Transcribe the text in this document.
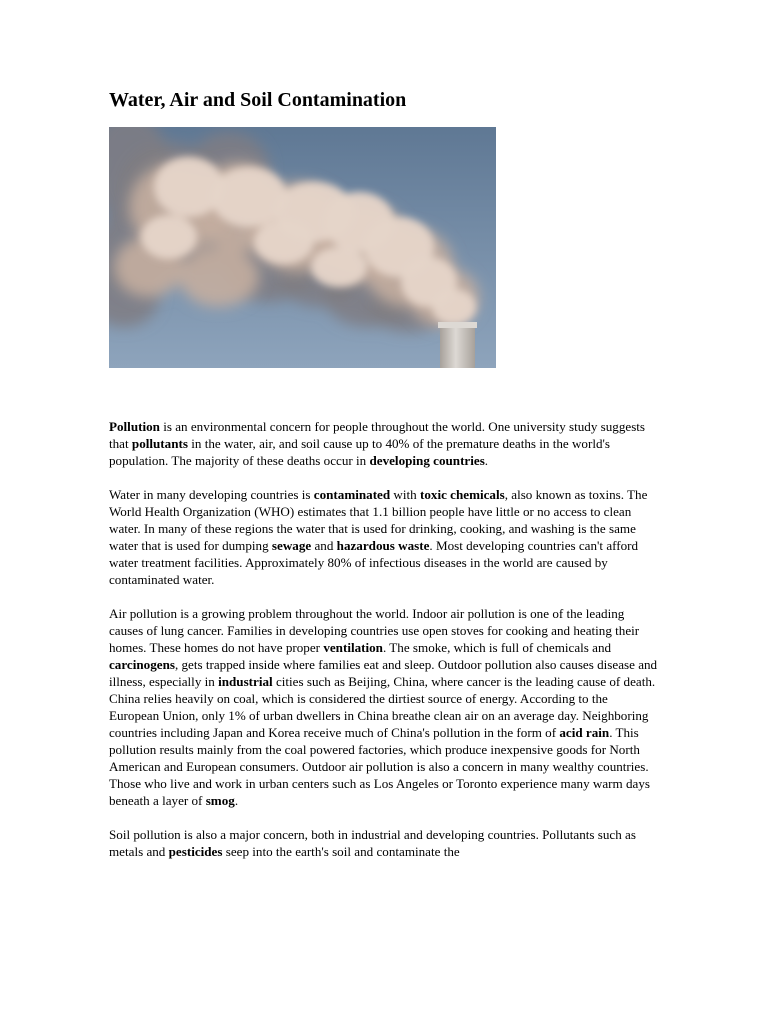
Water, Air and Soil Contamination

Pollution is an environmental concern for people throughout the world. One university study suggests that pollutants in the water, air, and soil cause up to 40% of the premature deaths in the world's population. The majority of these deaths occur in developing countries.

Water in many developing countries is contaminated with toxic chemicals, also known as toxins. The World Health Organization (WHO) estimates that 1.1 billion people have little or no access to clean water. In many of these regions the water that is used for drinking, cooking, and washing is the same water that is used for dumping sewage and hazardous waste. Most developing countries can't afford water treatment facilities. Approximately 80% of infectious diseases in the world are caused by contaminated water.

Air pollution is a growing problem throughout the world. Indoor air pollution is one of the leading causes of lung cancer. Families in developing countries use open stoves for cooking and heating their homes. These homes do not have proper ventilation. The smoke, which is full of chemicals and carcinogens, gets trapped inside where families eat and sleep. Outdoor pollution also causes disease and illness, especially in industrial cities such as Beijing, China, where cancer is the leading cause of death. China relies heavily on coal, which is considered the dirtiest source of energy. According to the European Union, only 1% of urban dwellers in China breathe clean air on an average day. Neighboring countries including Japan and Korea receive much of China's pollution in the form of acid rain. This pollution results mainly from the coal powered factories, which produce inexpensive goods for North American and European consumers. Outdoor air pollution is also a concern in many wealthy countries. Those who live and work in urban centers such as Los Angeles or Toronto experience many warm days beneath a layer of smog.

Soil pollution is also a major concern, both in industrial and developing countries. Pollutants such as metals and pesticides seep into the earth's soil and contaminate the
